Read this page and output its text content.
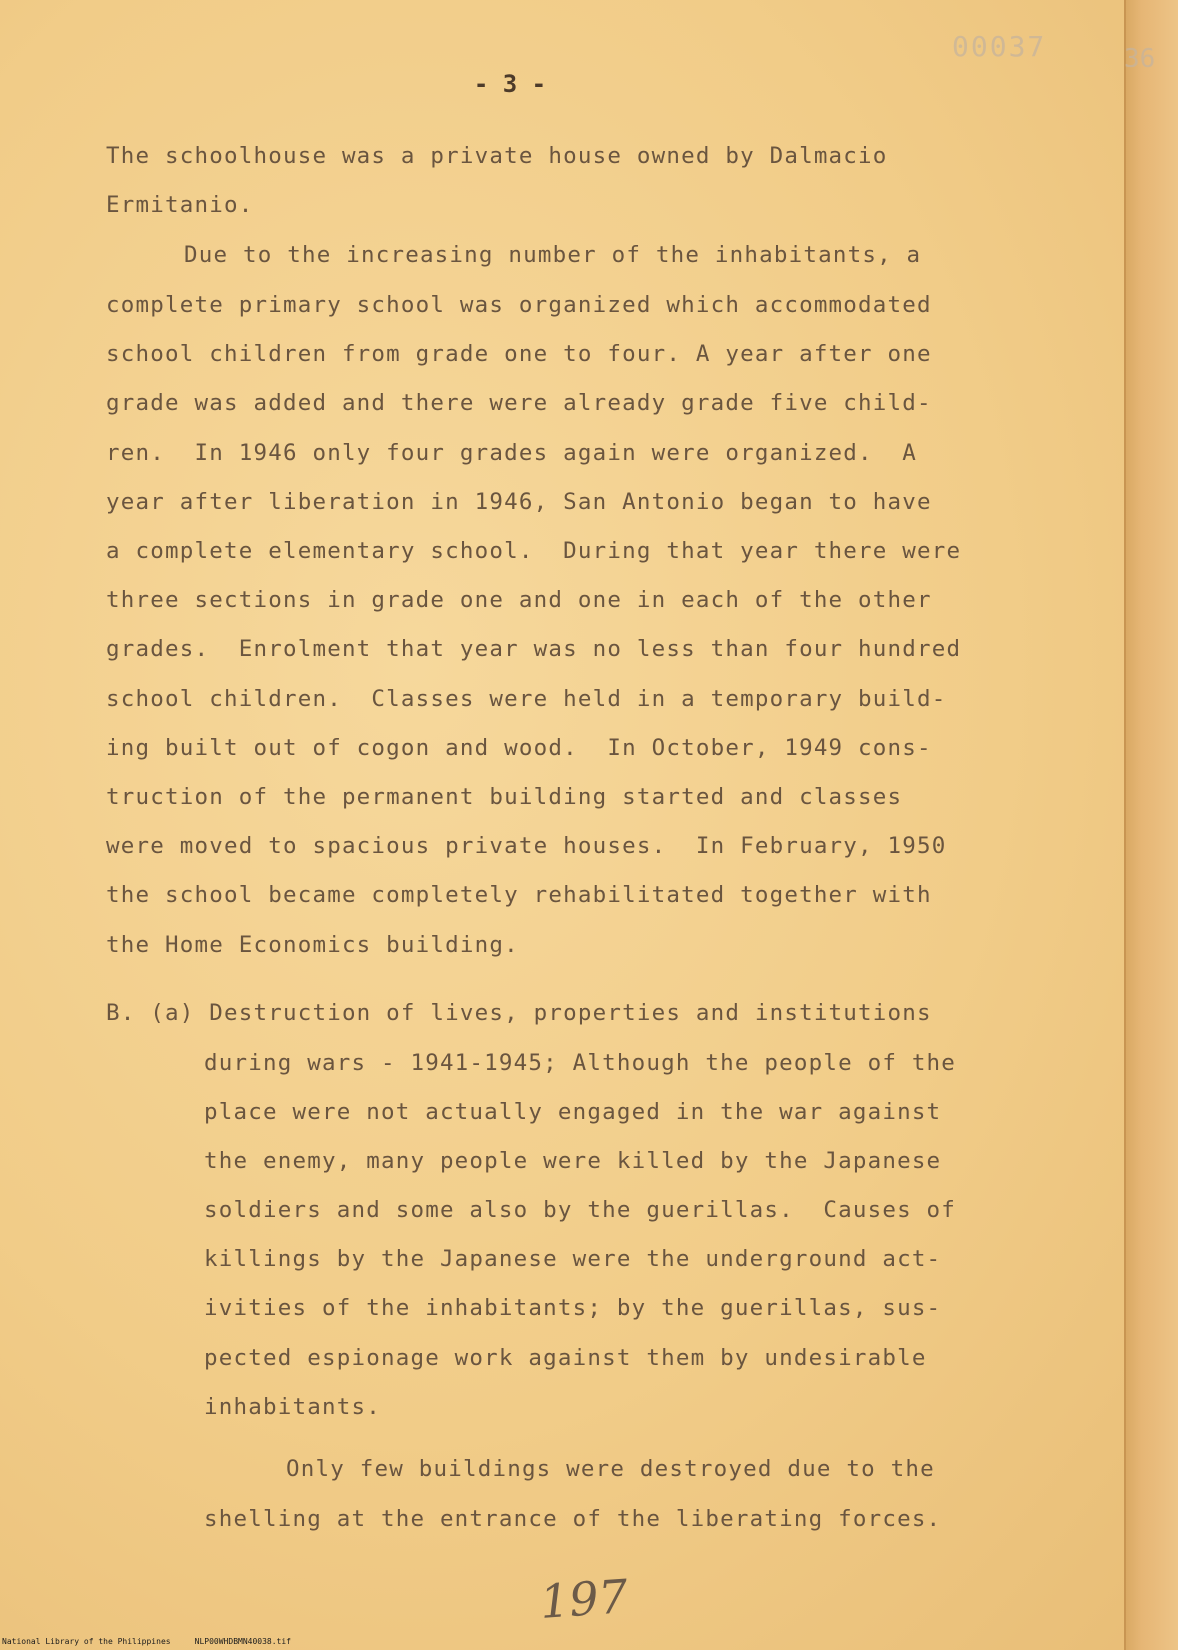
00037	36
- 3 -
The schoolhouse was a private house owned by Dalmacio
Ermitanio.
Due to the increasing number of the inhabitants, a
complete primary school was organized which accommodated
school children from grade one to four. A year after one
grade was added and there were already grade five child-
ren.  In 1946 only four grades again were organized.  A
year after liberation in 1946, San Antonio began to have
a complete elementary school.  During that year there were
three sections in grade one and one in each of the other
grades.  Enrolment that year was no less than four hundred
school children.  Classes were held in a temporary build-
ing built out of cogon and wood.  In October, 1949 cons-
truction of the permanent building started and classes
were moved to spacious private houses.  In February, 1950
the school became completely rehabilitated together with
the Home Economics building.
B. (a) Destruction of lives, properties and institutions
during wars - 1941-1945; Although the people of the
place were not actually engaged in the war against
the enemy, many people were killed by the Japanese
soldiers and some also by the guerillas.  Causes of
killings by the Japanese were the underground act-
ivities of the inhabitants; by the guerillas, sus-
pected espionage work against them by undesirable
inhabitants.
Only few buildings were destroyed due to the
shelling at the entrance of the liberating forces.
197
National Library of the Philippines     NLP00WHDBMN40038.tif
